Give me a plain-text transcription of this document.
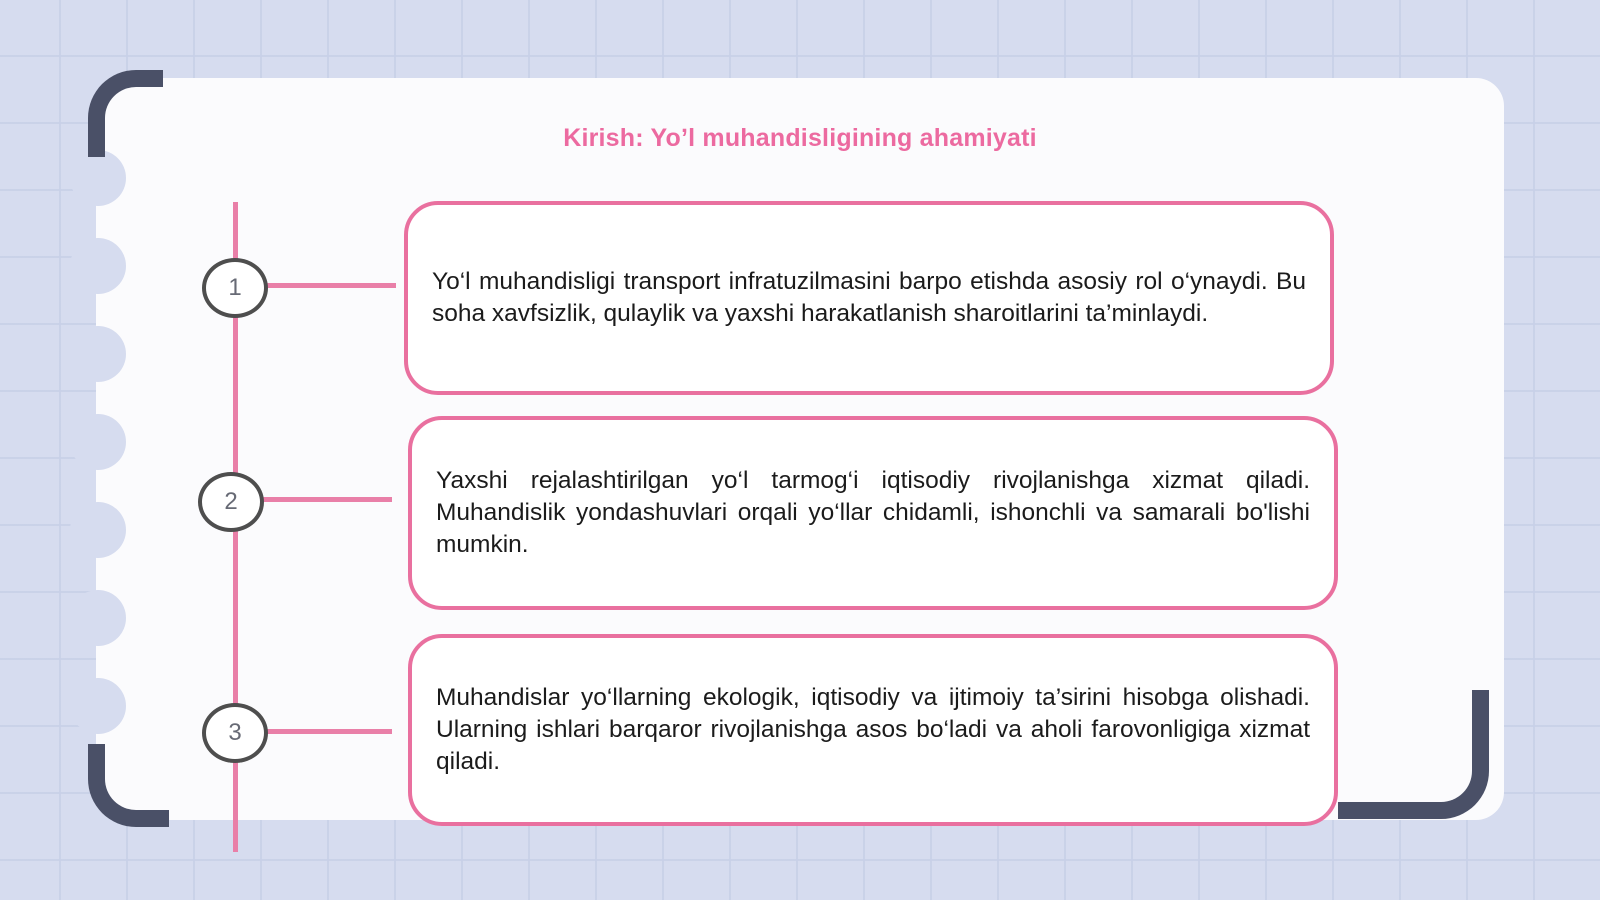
Kirish: Yoʼl muhandisligining ahamiyati
1
2
3

Yo‘l muhandisligi transport infratuzilmasini barpo etishda asosiy rol o‘ynaydi. Bu soha xavfsizlik, qulaylik va yaxshi harakatlanish sharoitlarini ta’minlaydi.

Yaxshi rejalashtirilgan yo‘l tarmog‘i iqtisodiy rivojlanishga xizmat qiladi. Muhandislik yondashuvlari orqali yo‘llar chidamli, ishonchli va samarali bo'lishi mumkin.

Muhandislar yo‘llarning ekologik, iqtisodiy va ijtimoiy ta’sirini hisobga olishadi. Ularning ishlari barqaror rivojlanishga asos bo‘ladi va aholi farovonligiga xizmat qiladi.
